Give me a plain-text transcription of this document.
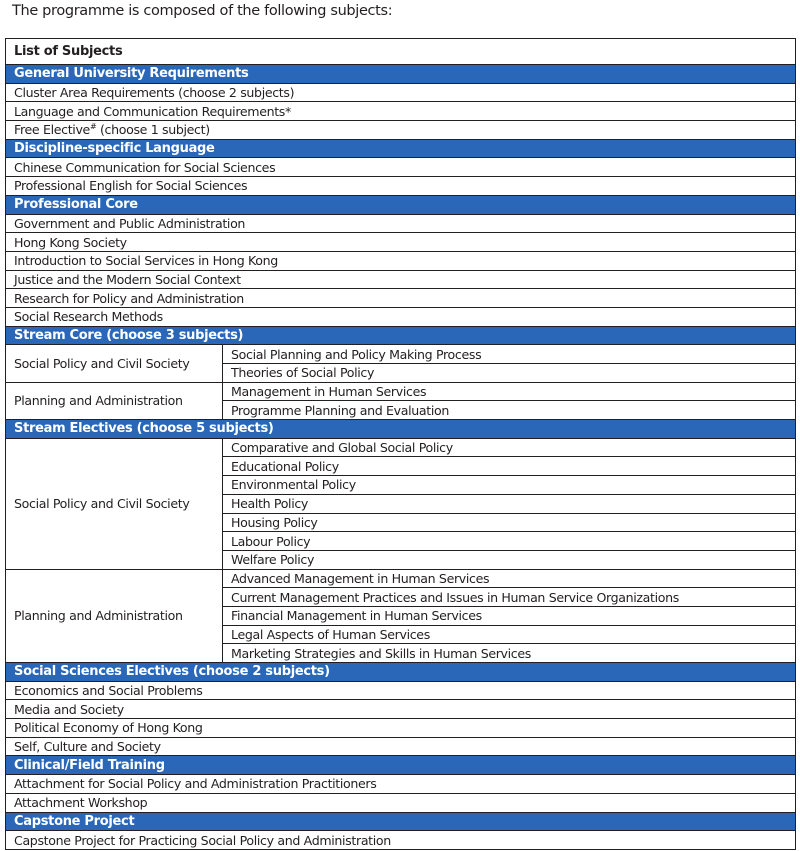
The programme is composed of the following subjects:
List of Subjects	
General University Requirements	
Cluster Area Requirements (choose 2 subjects)	
Language and Communication Requirements*	
Free Elective# (choose 1 subject)	
Discipline-specific Language	
Chinese Communication for Social Sciences	
Professional English for Social Sciences	
Professional Core	
Government and Public Administration	
Hong Kong Society	
Introduction to Social Services in Hong Kong	
Justice and the Modern Social Context	
Research for Policy and Administration	
Social Research Methods	
Stream Core (choose 3 subjects)	
Social Policy and Civil Society	Social Planning and Policy Making Process
	Theories of Social Policy
Planning and Administration	Management in Human Services
	Programme Planning and Evaluation
Stream Electives (choose 5 subjects)	
Social Policy and Civil Society	Comparative and Global Social Policy
	Educational Policy
	Environmental Policy
	Health Policy
	Housing Policy
	Labour Policy
	Welfare Policy
Planning and Administration	Advanced Management in Human Services
	Current Management Practices and Issues in Human Service Organizations
	Financial Management in Human Services
	Legal Aspects of Human Services
	Marketing Strategies and Skills in Human Services
Social Sciences Electives (choose 2 subjects)	
Economics and Social Problems	
Media and Society	
Political Economy of Hong Kong	
Self, Culture and Society	
Clinical/Field Training	
Attachment for Social Policy and Administration Practitioners	
Attachment Workshop	
Capstone Project	
Capstone Project for Practicing Social Policy and Administration	
